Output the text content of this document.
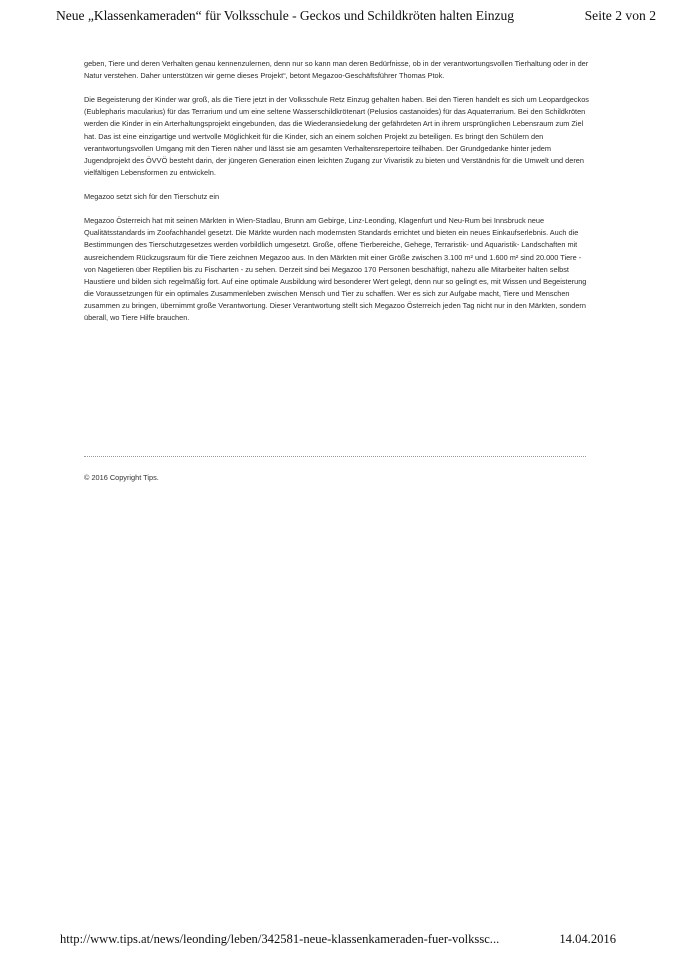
Neue „Klassenkameraden“ für Volksschule - Geckos und Schildkröten halten Einzug	Seite 2 von 2

geben, Tiere und deren Verhalten genau kennenzulernen, denn nur so kann man deren Bedürfnisse, ob in der verantwortungsvollen Tierhaltung oder in der Natur verstehen. Daher unterstützen wir gerne dieses Projekt“, betont Megazoo-Geschäftsführer Thomas Ptok.

Die Begeisterung der Kinder war groß, als die Tiere jetzt in der Volksschule Retz Einzug gehalten haben. Bei den Tieren handelt es sich um Leopardgeckos (Eublepharis macularius) für das Terrarium und um eine seltene Wasserschildkrötenart (Pelusios castanoides) für das Aquaterrarium. Bei den Schildkröten werden die Kinder in ein Arterhaltungsprojekt eingebunden, das die Wiederansiedelung der gefährdeten Art in ihrem ursprünglichen Lebensraum zum Ziel hat. Das ist eine einzigartige und wertvolle Möglichkeit für die Kinder, sich an einem solchen Projekt zu beteiligen. Es bringt den Schülern den verantwortungsvollen Umgang mit den Tieren näher und lässt sie am gesamten Verhaltensrepertoire teilhaben. Der Grundgedanke hinter jedem Jugendprojekt des ÖVVÖ besteht darin, der jüngeren Generation einen leichten Zugang zur Vivaristik zu bieten und Verständnis für die Umwelt und deren vielfältigen Lebensformen zu entwickeln.

Megazoo setzt sich für den Tierschutz ein

Megazoo Österreich hat mit seinen Märkten in Wien-Stadlau, Brunn am Gebirge, Linz-Leonding, Klagenfurt und Neu-Rum bei Innsbruck neue Qualitätsstandards im Zoofachhandel gesetzt. Die Märkte wurden nach modernsten Standards errichtet und bieten ein neues Einkaufserlebnis. Auch die Bestimmungen des Tierschutzgesetzes werden vorbildlich umgesetzt. Große, offene Tierbereiche, Gehege, Terraristik- und Aquaristik- Landschaften mit ausreichendem Rückzugsraum für die Tiere zeichnen Megazoo aus. In den Märkten mit einer Größe zwischen 3.100 m² und 1.600 m² sind 20.000 Tiere - von Nagetieren über Reptilien bis zu Fischarten - zu sehen. Derzeit sind bei Megazoo 170 Personen beschäftigt, nahezu alle Mitarbeiter halten selbst Haustiere und bilden sich regelmäßig fort. Auf eine optimale Ausbildung wird besonderer Wert gelegt, denn nur so gelingt es, mit Wissen und Begeisterung die Voraussetzungen für ein optimales Zusammenleben zwischen Mensch und Tier zu schaffen. Wer es sich zur Aufgabe macht, Tiere und Menschen zusammen zu bringen, übernimmt große Verantwortung. Dieser Verantwortung stellt sich Megazoo Österreich jeden Tag nicht nur in den Märkten, sondern überall, wo Tiere Hilfe brauchen.

© 2016 Copyright Tips.
http://www.tips.at/news/leonding/leben/342581-neue-klassenkameraden-fuer-volkssc...	14.04.2016
